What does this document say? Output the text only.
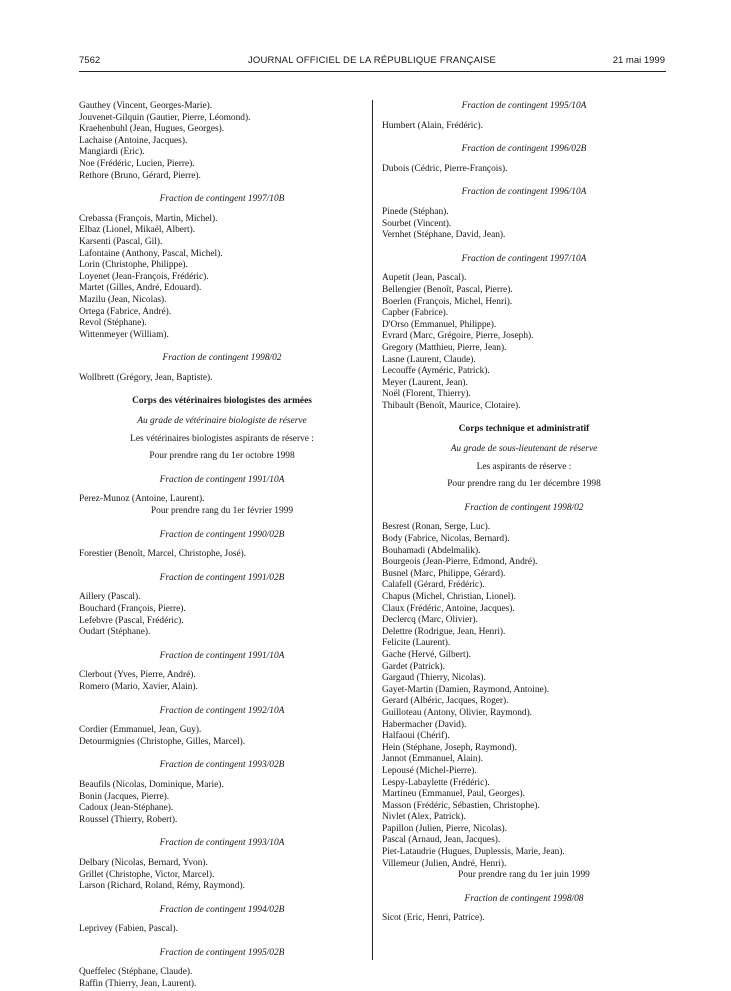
7562	JOURNAL OFFICIEL DE LA RÉPUBLIQUE FRANÇAISE	21 mai 1999
Gauthey (Vincent, Georges-Marie).
Jouvenet-Gilquin (Gautier, Pierre, Léomond).
Kraehenbuhl (Jean, Hugues, Georges).
Lachaise (Antoine, Jacques).
Mangiardi (Eric).
Noe (Frédéric, Lucien, Pierre).
Rethore (Bruno, Gérard, Pierre).
Fraction de contingent 1997/10B
Crebassa (François, Martin, Michel).
Elbaz (Lionel, Mikaël, Albert).
Karsenti (Pascal, Gil).
Lafontaine (Anthony, Pascal, Michel).
Lorin (Christophe, Philippe).
Loyenet (Jean-François, Frédéric).
Martet (Gilles, André, Edouard).
Mazilu (Jean, Nicolas).
Ortega (Fabrice, André).
Revol (Stéphane).
Wittenmeyer (William).
Fraction de contingent 1998/02
Wollbrett (Grégory, Jean, Baptiste).
Corps des vétérinaires biologistes des armées
Au grade de vétérinaire biologiste de réserve
Les vétérinaires biologistes aspirants de réserve :
Pour prendre rang du 1er octobre 1998
Fraction de contingent 1991/10A
Perez-Munoz (Antoine, Laurent).
Pour prendre rang du 1er février 1999
Fraction de contingent 1990/02B
Forestier (Benoît, Marcel, Christophe, José).
Fraction de contingent 1991/02B
Aillery (Pascal).
Bouchard (François, Pierre).
Lefebvre (Pascal, Frédéric).
Oudart (Stéphane).
Fraction de contingent 1991/10A
Clerbout (Yves, Pierre, André).
Romero (Mario, Xavier, Alain).
Fraction de contingent 1992/10A
Cordier (Emmanuel, Jean, Guy).
Detourmignies (Christophe, Gilles, Marcel).
Fraction de contingent 1993/02B
Beaufils (Nicolas, Dominique, Marie).
Bonin (Jacques, Pierre).
Cadoux (Jean-Stéphane).
Roussel (Thierry, Robert).
Fraction de contingent 1993/10A
Delbary (Nicolas, Bernard, Yvon).
Grillet (Christophe, Victor, Marcel).
Larson (Richard, Roland, Rémy, Raymond).
Fraction de contingent 1994/02B
Leprivey (Fabien, Pascal).
Fraction de contingent 1995/02B
Queffelec (Stéphane, Claude).
Raffin (Thierry, Jean, Laurent).
Fraction de contingent 1995/10A
Humbert (Alain, Frédéric).
Fraction de contingent 1996/02B
Dubois (Cédric, Pierre-François).
Fraction de contingent 1996/10A
Pinede (Stéphan).
Sourbet (Vincent).
Vernhet (Stéphane, David, Jean).
Fraction de contingent 1997/10A
Aupetit (Jean, Pascal).
Bellengier (Benoît, Pascal, Pierre).
Boerlen (François, Michel, Henri).
Capber (Fabrice).
D'Orso (Emmanuel, Philippe).
Evrard (Marc, Grégoire, Pierre, Joseph).
Gregory (Matthieu, Pierre, Jean).
Lasne (Laurent, Claude).
Lecouffe (Ayméric, Patrick).
Meyer (Laurent, Jean).
Noël (Florent, Thierry).
Thibault (Benoît, Maurice, Clotaire).
Corps technique et administratif
Au grade de sous-lieutenant de réserve
Les aspirants de réserve :
Pour prendre rang du 1er décembre 1998
Fraction de contingent 1998/02
Besrest (Ronan, Serge, Luc).
Body (Fabrice, Nicolas, Bernard).
Bouhamadi (Abdelmalik).
Bourgeois (Jean-Pierre, Edmond, André).
Busnel (Marc, Philippe, Gérard).
Calafell (Gérard, Frédéric).
Chapus (Michel, Christian, Lionel).
Claux (Frédéric, Antoine, Jacques).
Declercq (Marc, Olivier).
Delettre (Rodrigue, Jean, Henri).
Felicite (Laurent).
Gache (Hervé, Gilbert).
Gardet (Patrick).
Gargaud (Thierry, Nicolas).
Gayet-Martin (Damien, Raymond, Antoine).
Gerard (Albéric, Jacques, Roger).
Guilloteau (Antony, Olivier, Raymond).
Habermacher (David).
Halfaoui (Chérif).
Hein (Stéphane, Joseph, Raymond).
Jannot (Emmanuel, Alain).
Lepousé (Michel-Pierre).
Lespy-Labaylette (Frédéric).
Martineu (Emmanuel, Paul, Georges).
Masson (Frédéric, Sébastien, Christophe).
Nivlet (Alex, Patrick).
Papillon (Julien, Pierre, Nicolas).
Pascal (Arnaud, Jean, Jacques).
Piet-Lataudrie (Hugues, Duplessis, Marie, Jean).
Villemeur (Julien, André, Henri).
Pour prendre rang du 1er juin 1999
Fraction de contingent 1998/08
Sicot (Eric, Henri, Patrice).
